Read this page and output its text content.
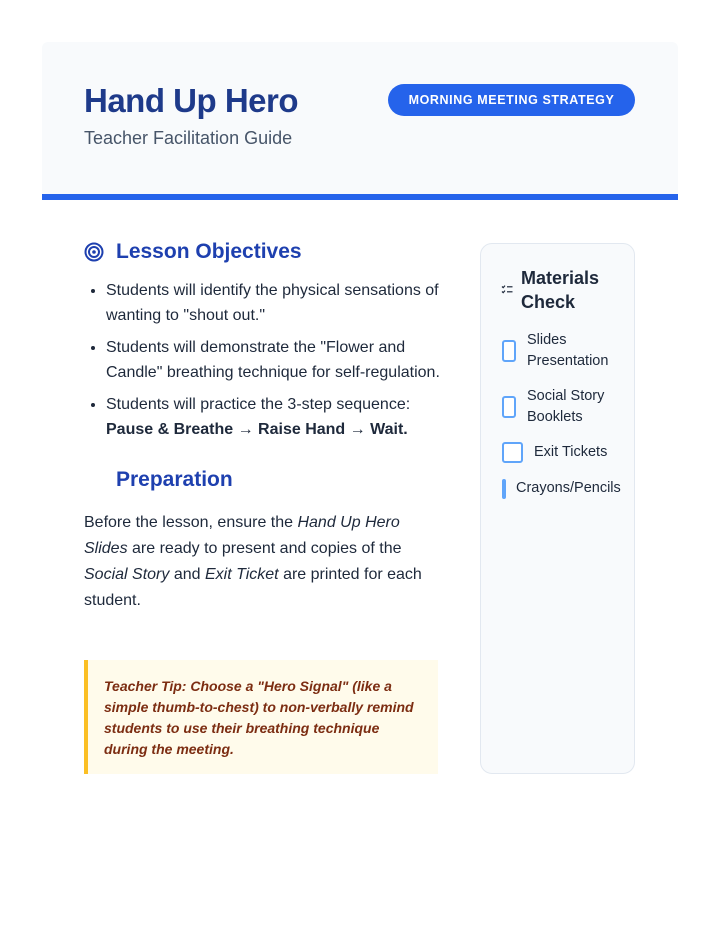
Hand Up Hero

Teacher Facilitation Guide

MORNING MEETING STRATEGY
Lesson Objectives
• Students will identify the physical sensations of wanting to "shout out."
• Students will demonstrate the "Flower and Candle" breathing technique for self-regulation.
• Students will practice the 3-step sequence: Pause & Breathe → Raise Hand → Wait.
Preparation

Before the lesson, ensure the Hand Up Hero Slides are ready to present and copies of the Social Story and Exit Ticket are printed for each student.

Teacher Tip: Choose a "Hero Signal" (like a simple thumb-to-chest) to non-verbally remind students to use their breathing technique during the meeting.
Materials Check
Slides Presentation
Social Story Booklets
Exit Tickets
Crayons/Pencils
